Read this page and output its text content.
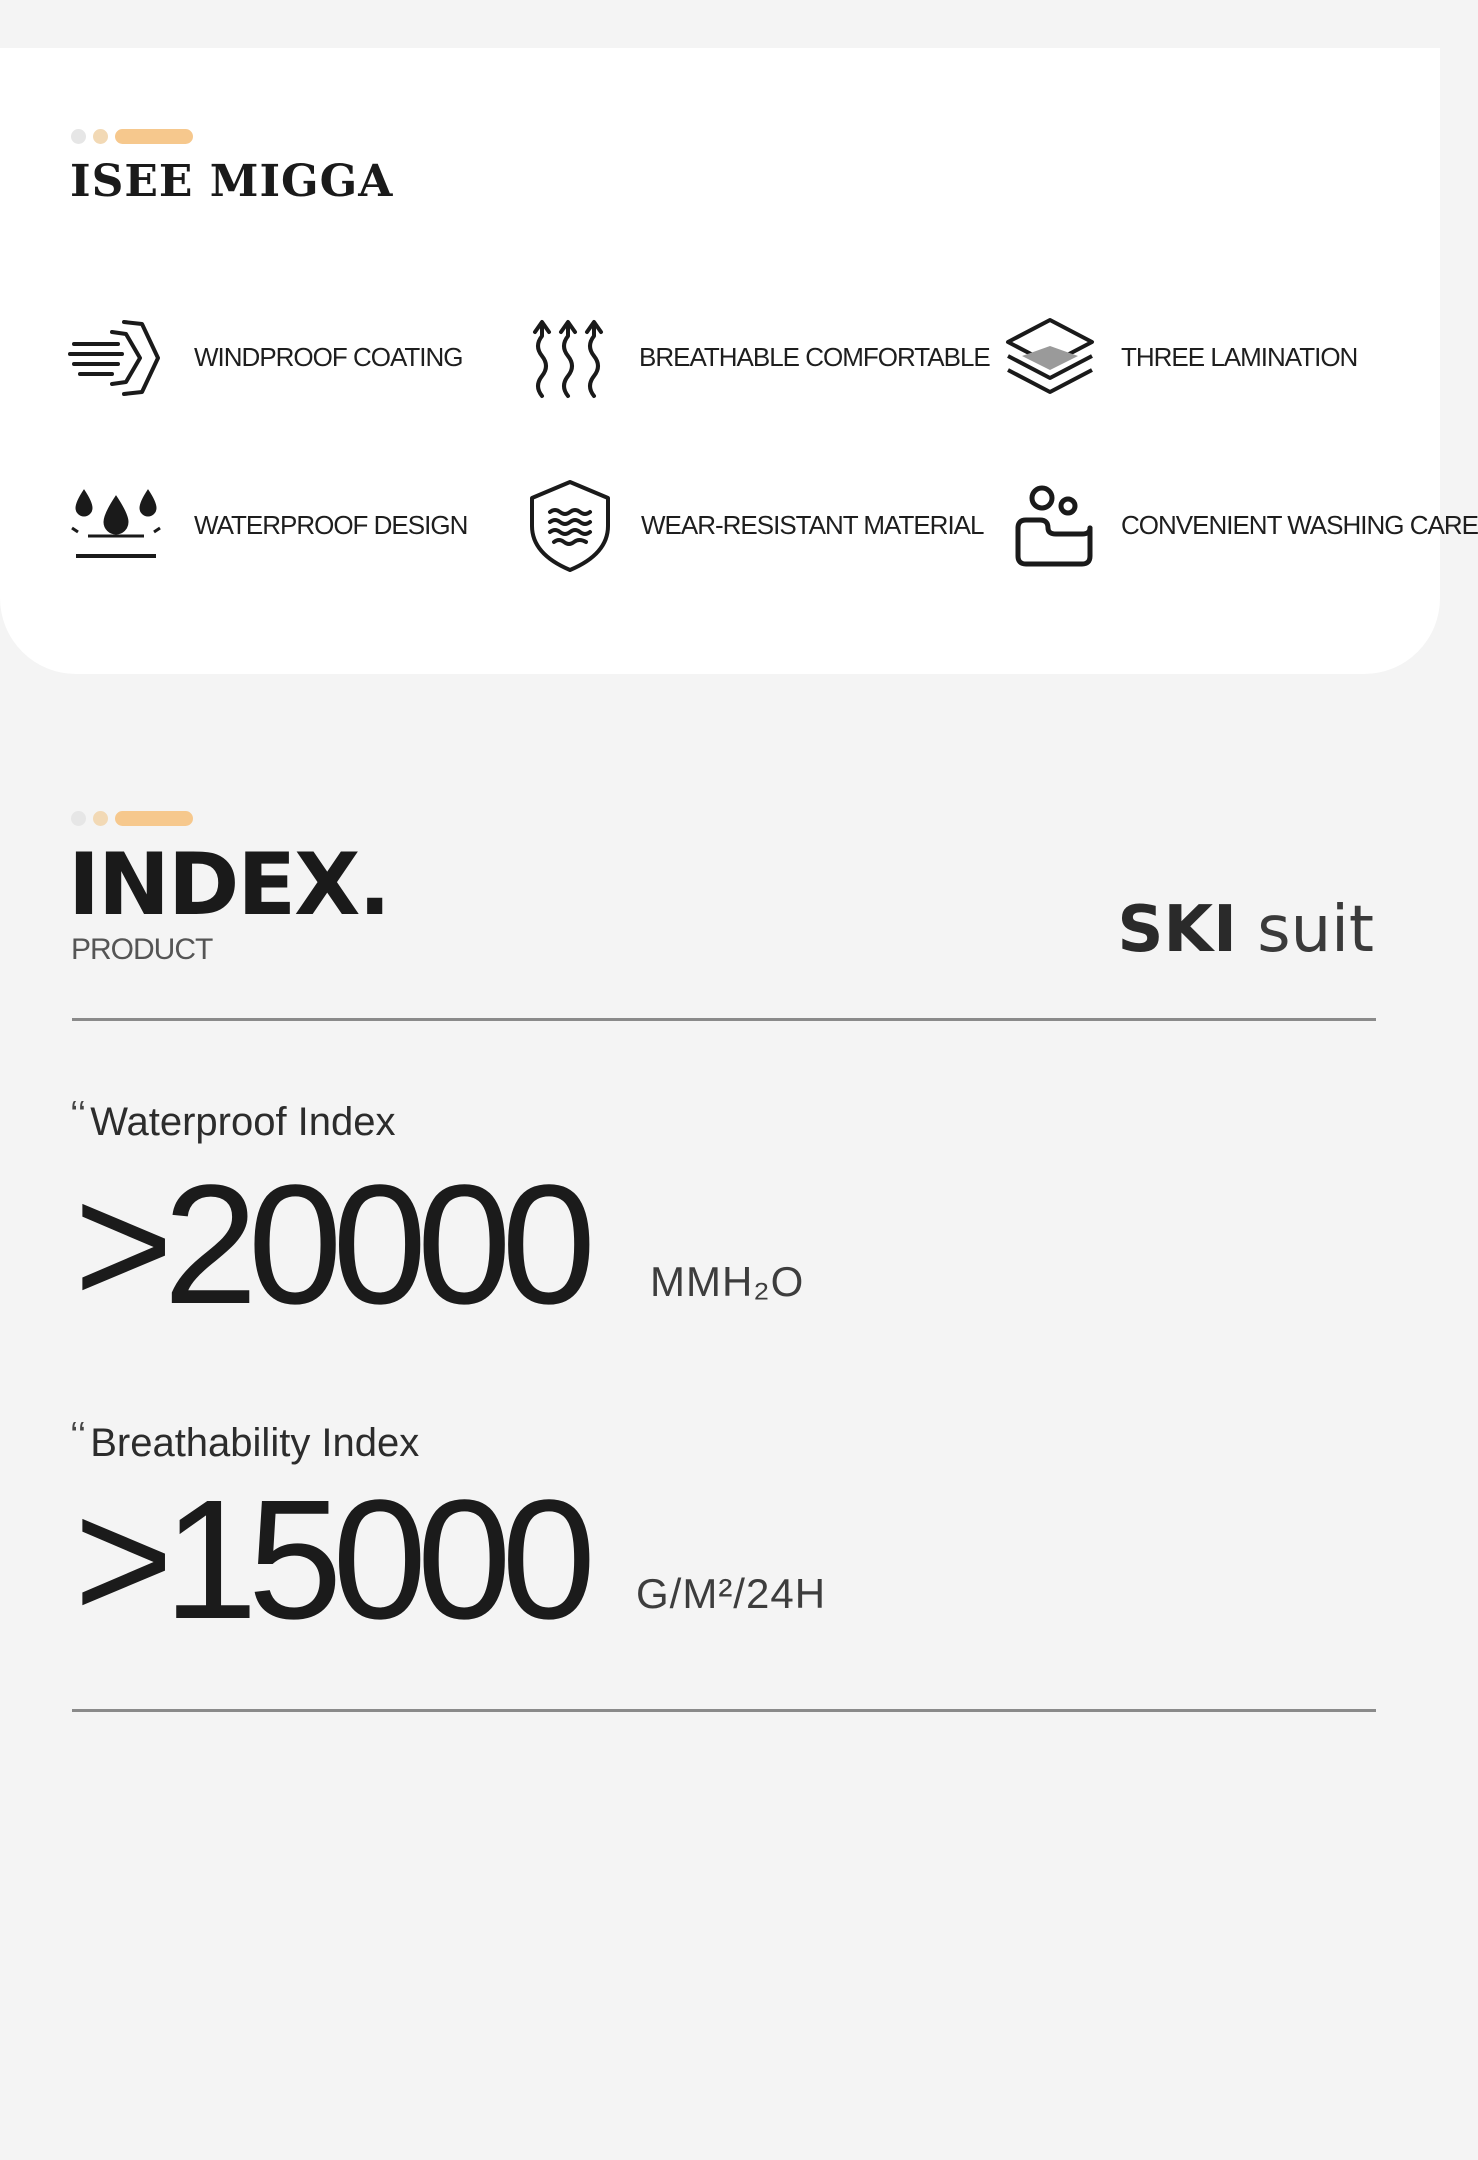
ISEE MIGGA
WINDPROOF COATING	BREATHABLE COMFORTABLE	THREE LAMINATION
WATERPROOF DESIGN	WEAR-RESISTANT MATERIAL	CONVENIENT WASHING CARE
INDEX.
PRODUCT	SKI suit
‘‘ Waterproof Index
>20000 MMH₂O
‘‘ Breathability Index
>15000 G/M²/24H
